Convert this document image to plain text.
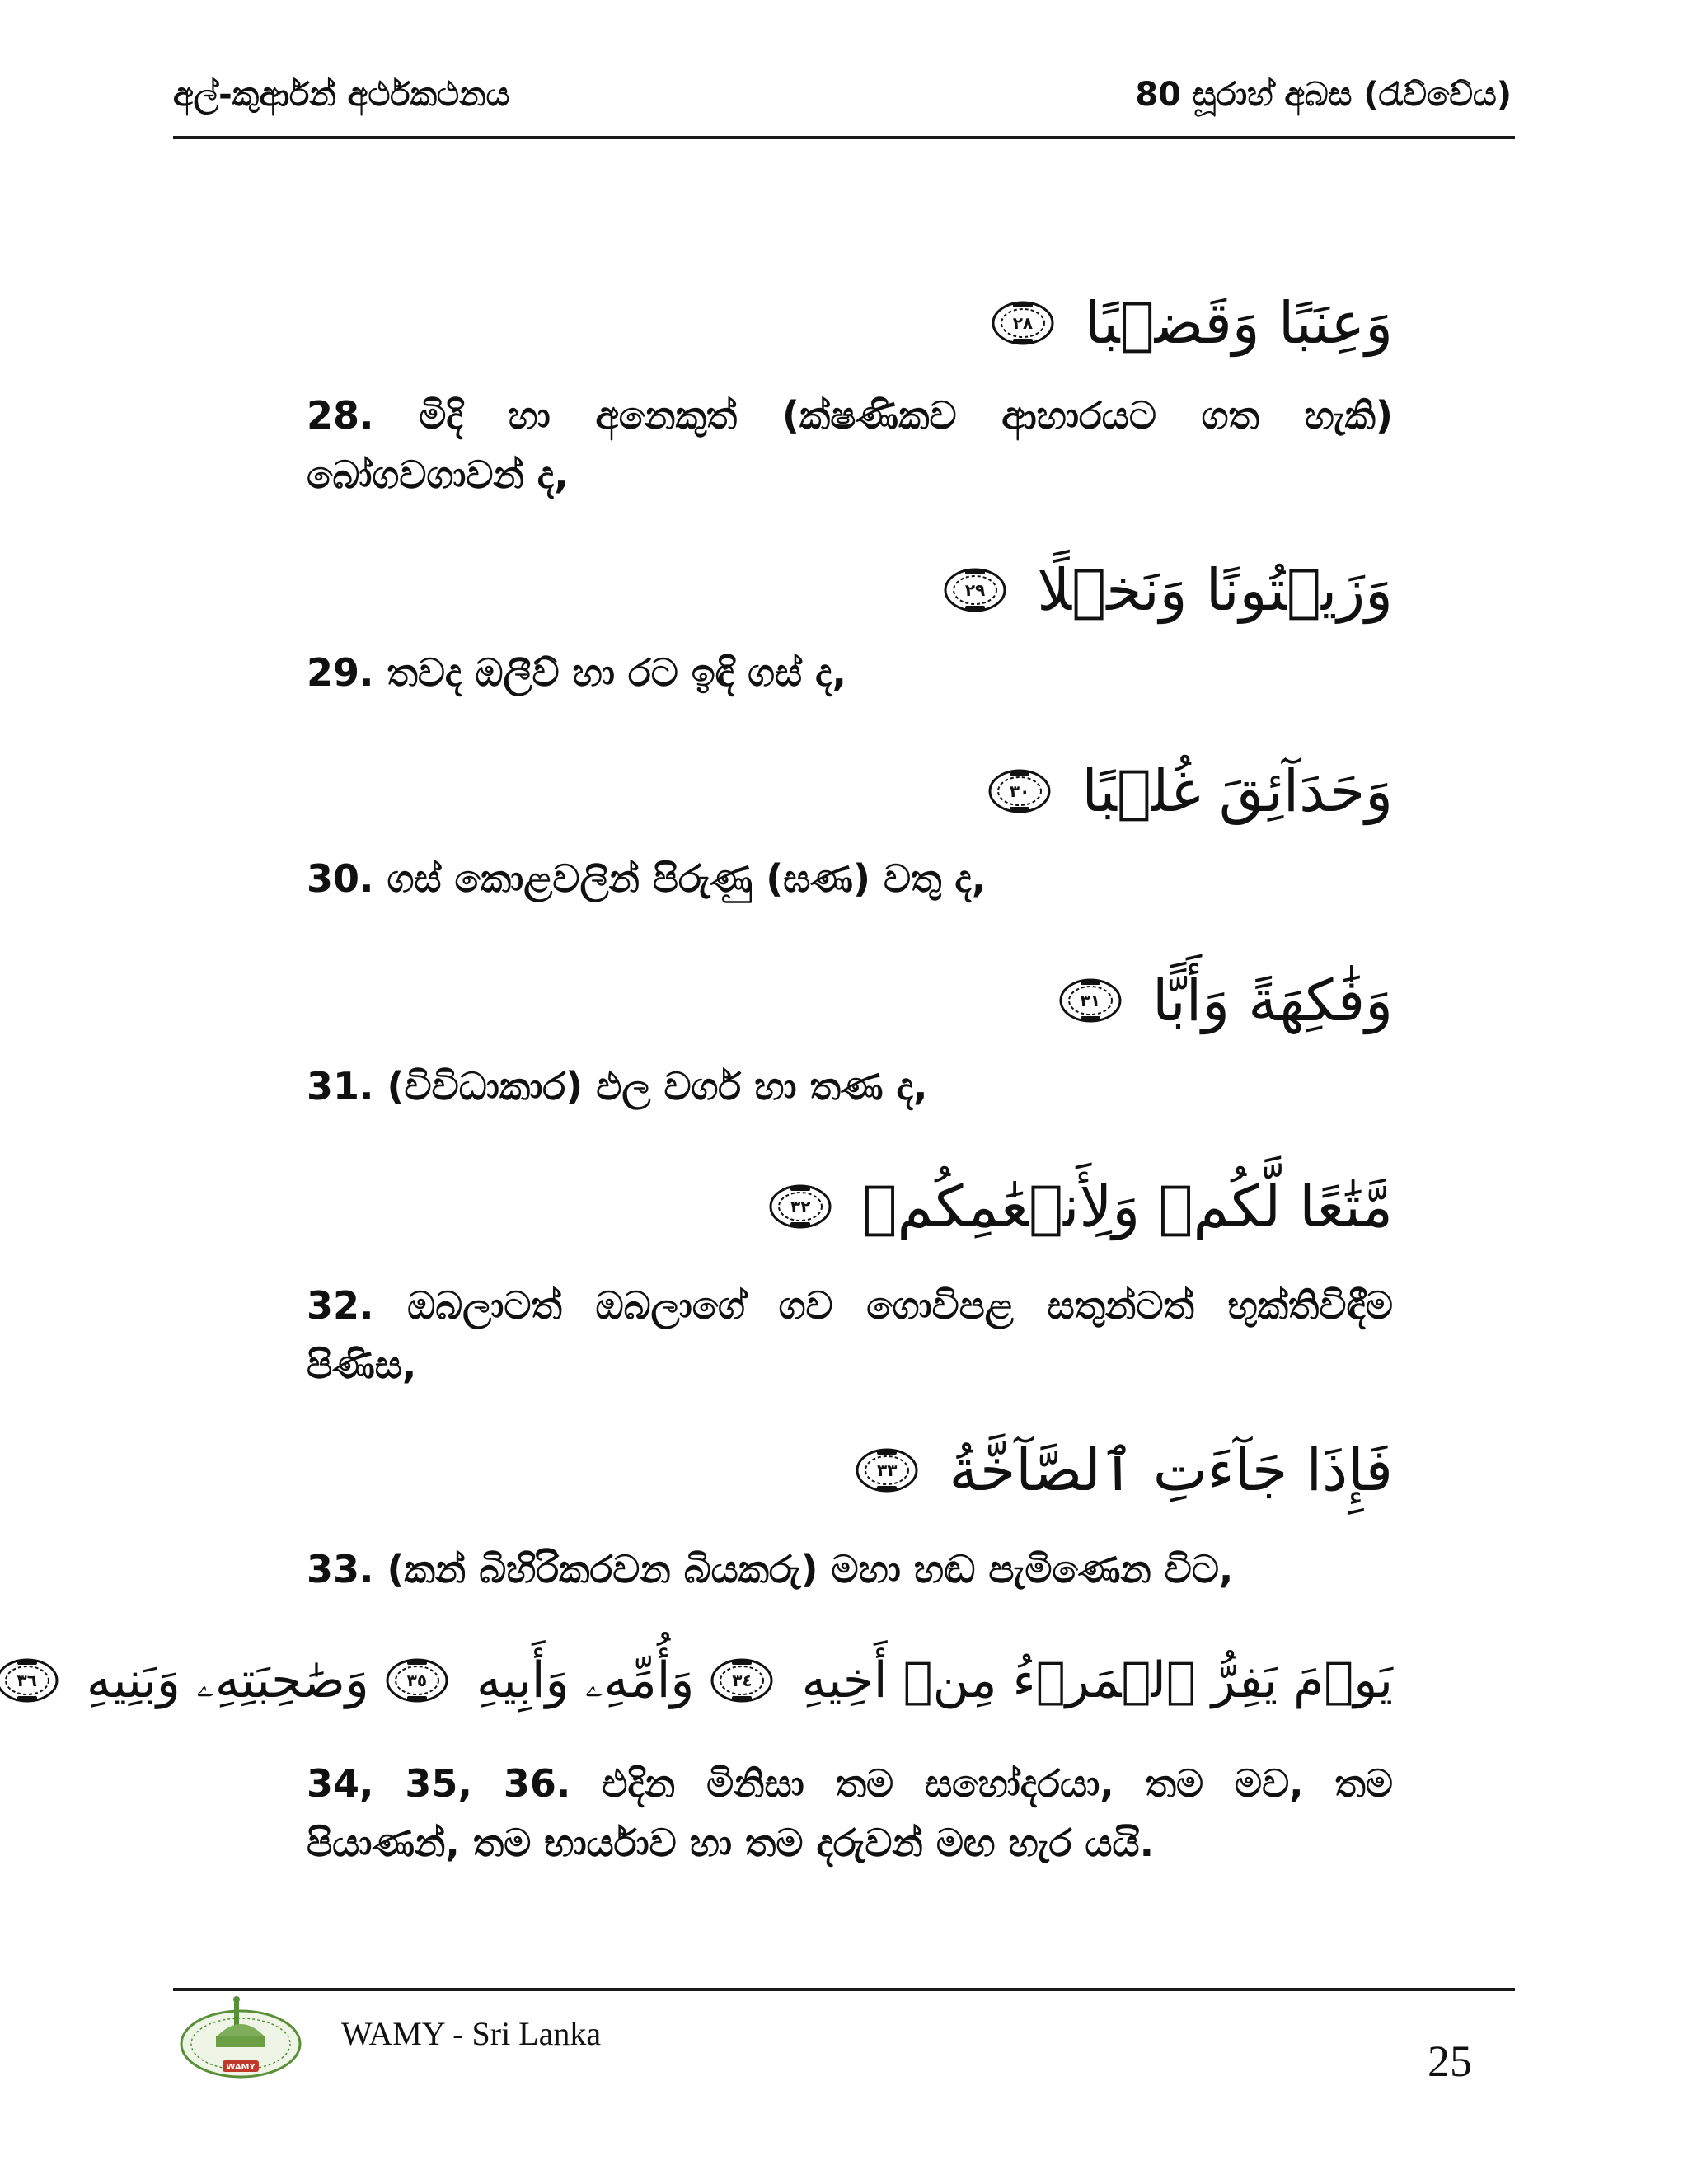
අල්-කුර්ආන් අර්ථකථනය	80 සූරාහ් අබස (රැව්වේය)
وَعِنَبًا وَقَضۡبًا
٢٨
28. මිදි හා අනෙකුත් (ක්ෂණිකව ආහාරයට ගත හැකි) බෝගවගාවන් ද,
وَزَيۡتُونًا وَنَخۡلًا
٢٩
29. තවද ඔලීව් හා රට ඉඳි ගස් ද,
وَحَدَآئِقَ غُلۡبًا
٣٠
30. ගස් කොළවලින් පිරුණු (ඝණ) වතු ද,
وَفَٰكِهَةً وَأَبًّا
٣١
31. (විවිධාකාර) ඵල වර්ග හා තණ ද,
مَّتَٰعًا لَّكُمۡ وَلِأَنۡعَٰمِكُمۡ
٣٢
32. ඔබලාටත් ඔබලාගේ ගව ගොවිපළ සතුන්ටත් භුක්තිවිඳීම පිණිස,
فَإِذَا جَآءَتِ ٱلصَّآخَّةُ
٣٣
33. (කන් බිහිරිකරවන බියකරු) මහා හඬ පැමිණෙන විට,
يَوۡمَ يَفِرُّ ٱلۡمَرۡءُ مِنۡ أَخِيهِ
٣٤
وَأُمِّهِۦ وَأَبِيهِ
٣٥
وَصَٰحِبَتِهِۦ وَبَنِيهِ
٣٦
34, 35, 36. එදින මිනිසා තම සහෝදරයා, තම මව, තම පියාණන්, තම භාර්යාව හා තම දරුවන් මඟ හැර යයි.
WAMY
WAMY - Sri Lanka
25
